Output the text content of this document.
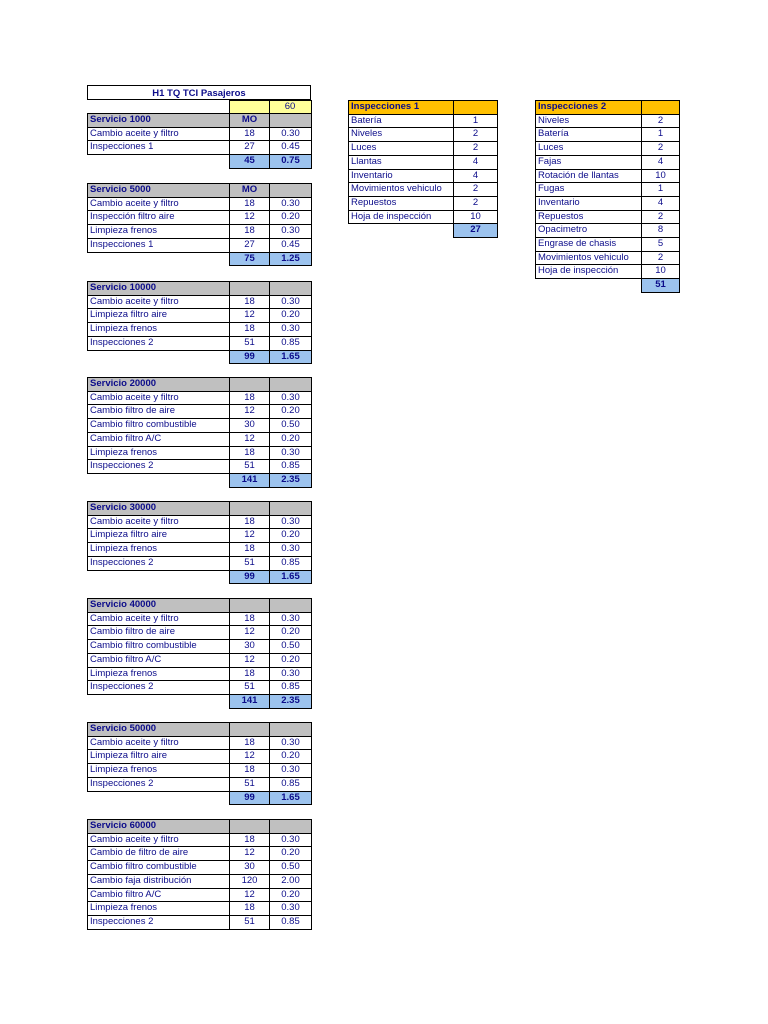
H1 TQ TCI Pasajeros
		60
Servicio 1000	MO	
Cambio aceite y filtro	18	0.30
Inspecciones 1	27	0.45
	45	0.75
Servicio 5000	MO	
Cambio aceite y filtro	18	0.30
Inspección filtro aire	12	0.20
Limpieza frenos	18	0.30
Inspecciones 1	27	0.45
	75	1.25
Servicio 10000		
Cambio aceite y filtro	18	0.30
Limpieza filtro aire	12	0.20
Limpieza frenos	18	0.30
Inspecciones 2	51	0.85
	99	1.65
Servicio 20000		
Cambio aceite y filtro	18	0.30
Cambio filtro de aire	12	0.20
Cambio filtro combustible	30	0.50
Cambio filtro A/C	12	0.20
Limpieza frenos	18	0.30
Inspecciones 2	51	0.85
	141	2.35
Servicio 30000		
Cambio aceite y filtro	18	0.30
Limpieza filtro aire	12	0.20
Limpieza frenos	18	0.30
Inspecciones 2	51	0.85
	99	1.65
Servicio 40000		
Cambio aceite y filtro	18	0.30
Cambio filtro de aire	12	0.20
Cambio filtro combustible	30	0.50
Cambio filtro A/C	12	0.20
Limpieza frenos	18	0.30
Inspecciones 2	51	0.85
	141	2.35
Servicio 50000		
Cambio aceite y filtro	18	0.30
Limpieza filtro aire	12	0.20
Limpieza frenos	18	0.30
Inspecciones 2	51	0.85
	99	1.65
Servicio 60000		
Cambio aceite y filtro	18	0.30
Cambio de filtro de aire	12	0.20
Cambio filtro combustible	30	0.50
Cambio faja distribución	120	2.00
Cambio filtro A/C	12	0.20
Limpieza frenos	18	0.30
Inspecciones 2	51	0.85
Inspecciones 1	
Batería	1
Niveles	2
Luces	2
Llantas	4
Inventario	4
Movimientos vehiculo	2
Repuestos	2
Hoja de inspección	10
	27
Inspecciones 2	
Niveles	2
Batería	1
Luces	2
Fajas	4
Rotación de llantas	10
Fugas	1
Inventario	4
Repuestos	2
Opacimetro	8
Engrase de chasis	5
Movimientos vehiculo	2
Hoja de inspección	10
	51
